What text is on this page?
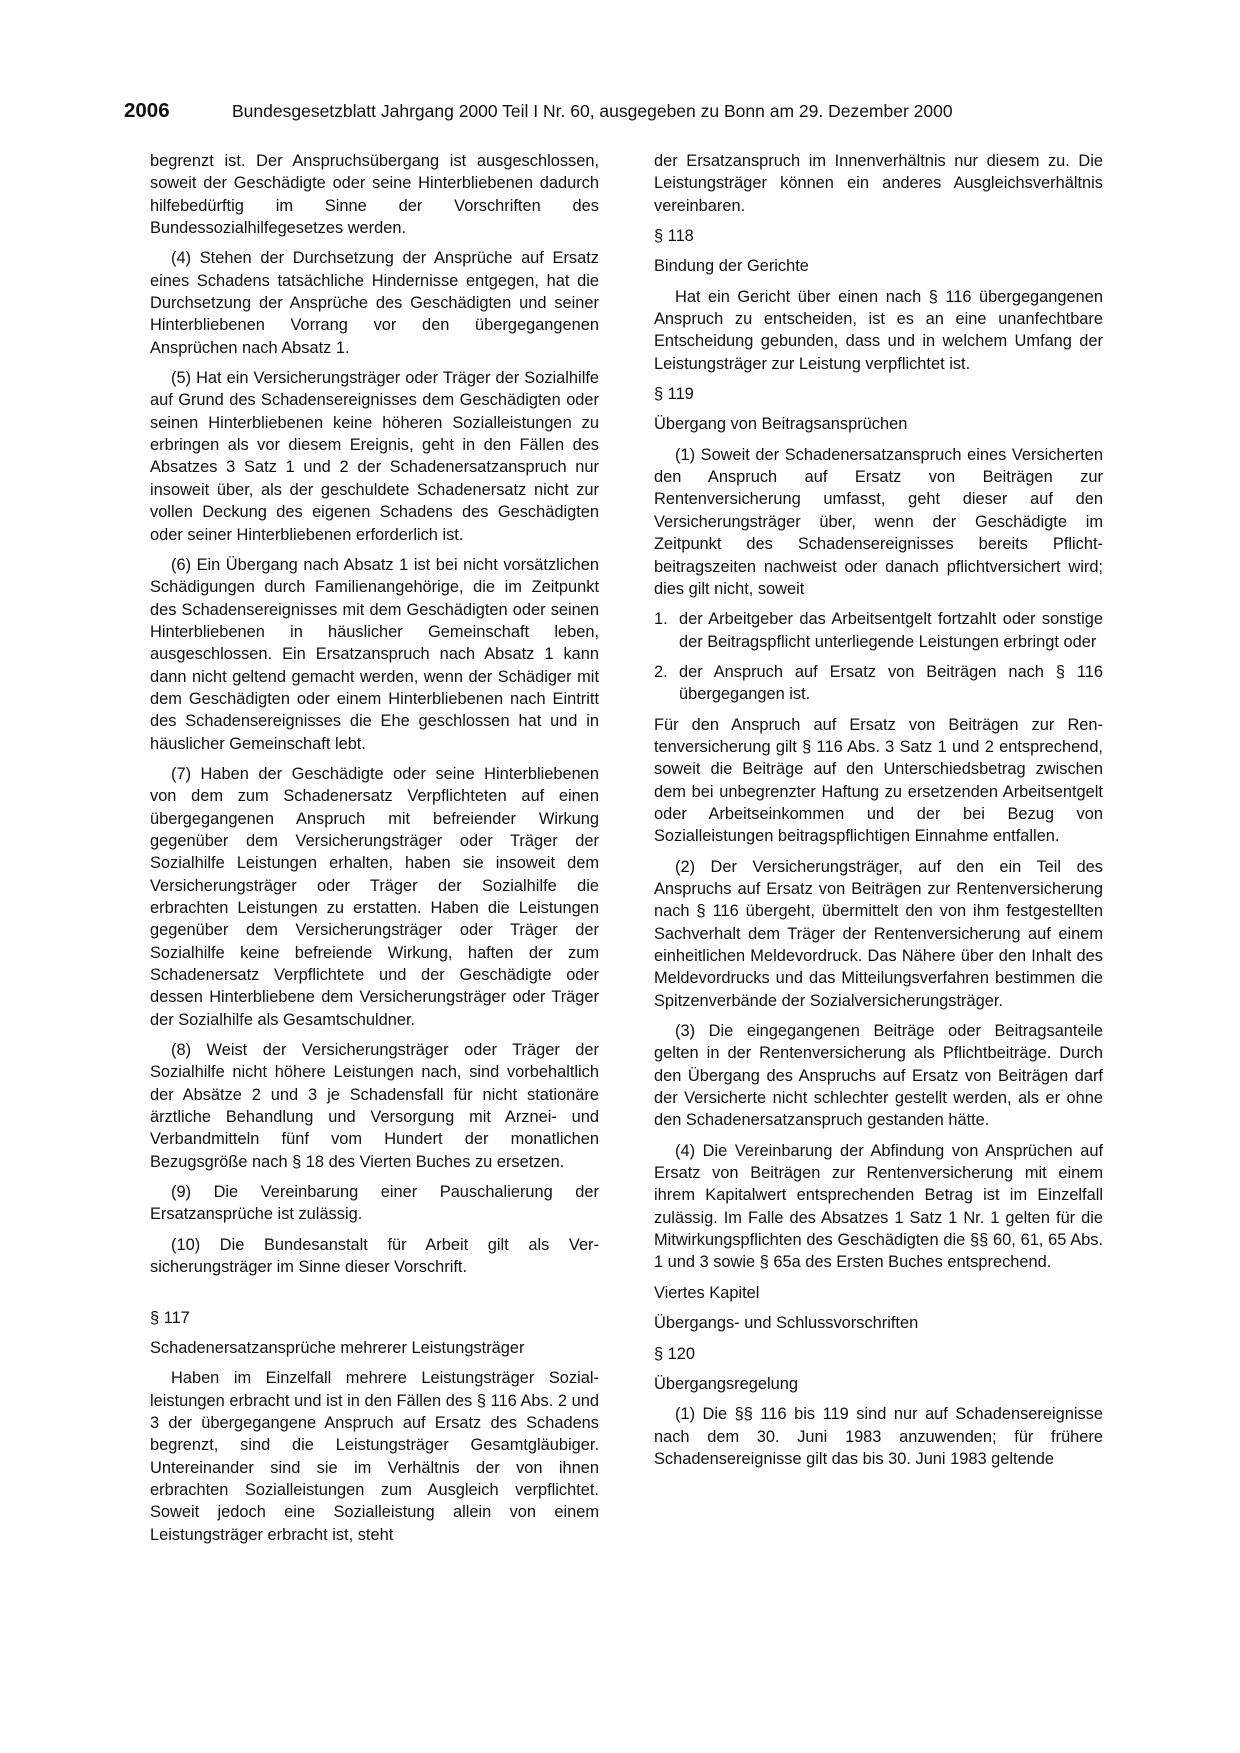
2006	Bundesgesetzblatt Jahrgang 2000 Teil I Nr. 60, ausgegeben zu Bonn am 29. Dezember 2000

begrenzt ist. Der Anspruchsübergang ist ausgeschlossen, soweit der Geschädigte oder seine Hinterbliebenen dadurch hilfebedürftig im Sinne der Vorschriften des Bundessozialhilfegesetzes werden.

(4) Stehen der Durchsetzung der Ansprüche auf Ersatz eines Schadens tatsächliche Hindernisse entgegen, hat die Durchsetzung der Ansprüche des Geschädigten und seiner Hinterbliebenen Vorrang vor den übergegangenen Ansprüchen nach Absatz 1.

(5) Hat ein Versicherungsträger oder Träger der Sozialhilfe auf Grund des Schadensereignisses dem Geschädigten oder seinen Hinterbliebenen keine höheren Sozialleistungen zu erbringen als vor diesem Ereignis, geht in den Fällen des Absatzes 3 Satz 1 und 2 der Schadenersatzanspruch nur insoweit über, als der geschuldete Schadenersatz nicht zur vollen Deckung des eigenen Schadens des Geschädigten oder seiner Hinterbliebenen erforderlich ist.

(6) Ein Übergang nach Absatz 1 ist bei nicht vorsätzlichen Schädigungen durch Familienangehörige, die im Zeitpunkt des Schadensereignisses mit dem Geschädigten oder seinen Hinterbliebenen in häuslicher Gemeinschaft leben, ausgeschlossen. Ein Ersatzanspruch nach Absatz 1 kann dann nicht geltend gemacht werden, wenn der Schädiger mit dem Geschädigten oder einem Hinterbliebenen nach Eintritt des Schadensereignisses die Ehe geschlossen hat und in häuslicher Gemeinschaft lebt.

(7) Haben der Geschädigte oder seine Hinterbliebenen von dem zum Schadenersatz Verpflichteten auf einen übergegangenen Anspruch mit befreiender Wirkung gegenüber dem Versicherungsträger oder Träger der Sozialhilfe Leistungen erhalten, haben sie insoweit dem Versicherungsträger oder Träger der Sozialhilfe die erbrachten Leistungen zu erstatten. Haben die Leistungen gegenüber dem Versicherungsträger oder Träger der Sozialhilfe keine befreiende Wirkung, haften der zum Schadenersatz Verpflichtete und der Geschädigte oder dessen Hinterbliebene dem Versicherungsträger oder Träger der Sozialhilfe als Gesamtschuldner.

(8) Weist der Versicherungsträger oder Träger der Sozialhilfe nicht höhere Leistungen nach, sind vorbehaltlich der Absätze 2 und 3 je Schadensfall für nicht stationäre ärztliche Behandlung und Versorgung mit Arznei- und Verbandmitteln fünf vom Hundert der monatlichen Bezugsgröße nach § 18 des Vierten Buches zu ersetzen.

(9) Die Vereinbarung einer Pauschalierung der Ersatzansprüche ist zulässig.

(10) Die Bundesanstalt für Arbeit gilt als Versicherungsträger im Sinne dieser Vorschrift.

§ 117

Schadenersatzansprüche mehrerer Leistungsträger

Haben im Einzelfall mehrere Leistungsträger Sozialleistungen erbracht und ist in den Fällen des § 116 Abs. 2 und 3 der übergegangene Anspruch auf Ersatz des Schadens begrenzt, sind die Leistungsträger Gesamtgläubiger. Untereinander sind sie im Verhältnis der von ihnen erbrachten Sozialleistungen zum Ausgleich verpflichtet. Soweit jedoch eine Sozialleistung allein von einem Leistungsträger erbracht ist, steht

der Ersatzanspruch im Innenverhältnis nur diesem zu. Die Leistungsträger können ein anderes Ausgleichsverhältnis vereinbaren.

§ 118

Bindung der Gerichte

Hat ein Gericht über einen nach § 116 übergegangenen Anspruch zu entscheiden, ist es an eine unanfechtbare Entscheidung gebunden, dass und in welchem Umfang der Leistungsträger zur Leistung verpflichtet ist.

§ 119

Übergang von Beitragsansprüchen

(1) Soweit der Schadenersatzanspruch eines Versicherten den Anspruch auf Ersatz von Beiträgen zur Rentenversicherung umfasst, geht dieser auf den Versicherungsträger über, wenn der Geschädigte im Zeitpunkt des Schadensereignisses bereits Pflichtbeitragszeiten nachweist oder danach pflichtversichert wird; dies gilt nicht, soweit

1. der Arbeitgeber das Arbeitsentgelt fortzahlt oder sonstige der Beitragspflicht unterliegende Leistungen erbringt oder
2. der Anspruch auf Ersatz von Beiträgen nach § 116 übergegangen ist.

Für den Anspruch auf Ersatz von Beiträgen zur Rentenversicherung gilt § 116 Abs. 3 Satz 1 und 2 entsprechend, soweit die Beiträge auf den Unterschiedsbetrag zwischen dem bei unbegrenzter Haftung zu ersetzenden Arbeitsentgelt oder Arbeitseinkommen und der bei Bezug von Sozialleistungen beitragspflichtigen Einnahme entfallen.

(2) Der Versicherungsträger, auf den ein Teil des Anspruchs auf Ersatz von Beiträgen zur Rentenversicherung nach § 116 übergeht, übermittelt den von ihm festgestellten Sachverhalt dem Träger der Rentenversicherung auf einem einheitlichen Meldevordruck. Das Nähere über den Inhalt des Meldevordrucks und das Mitteilungsverfahren bestimmen die Spitzenverbände der Sozialversicherungsträger.

(3) Die eingegangenen Beiträge oder Beitragsanteile gelten in der Rentenversicherung als Pflichtbeiträge. Durch den Übergang des Anspruchs auf Ersatz von Beiträgen darf der Versicherte nicht schlechter gestellt werden, als er ohne den Schadenersatzanspruch gestanden hätte.

(4) Die Vereinbarung der Abfindung von Ansprüchen auf Ersatz von Beiträgen zur Rentenversicherung mit einem ihrem Kapitalwert entsprechenden Betrag ist im Einzelfall zulässig. Im Falle des Absatzes 1 Satz 1 Nr. 1 gelten für die Mitwirkungspflichten des Geschädigten die §§ 60, 61, 65 Abs. 1 und 3 sowie § 65a des Ersten Buches entsprechend.

Viertes Kapitel

Übergangs- und Schlussvorschriften

§ 120

Übergangsregelung

(1) Die §§ 116 bis 119 sind nur auf Schadensereignisse nach dem 30. Juni 1983 anzuwenden; für frühere Schadensereignisse gilt das bis 30. Juni 1983 geltende
